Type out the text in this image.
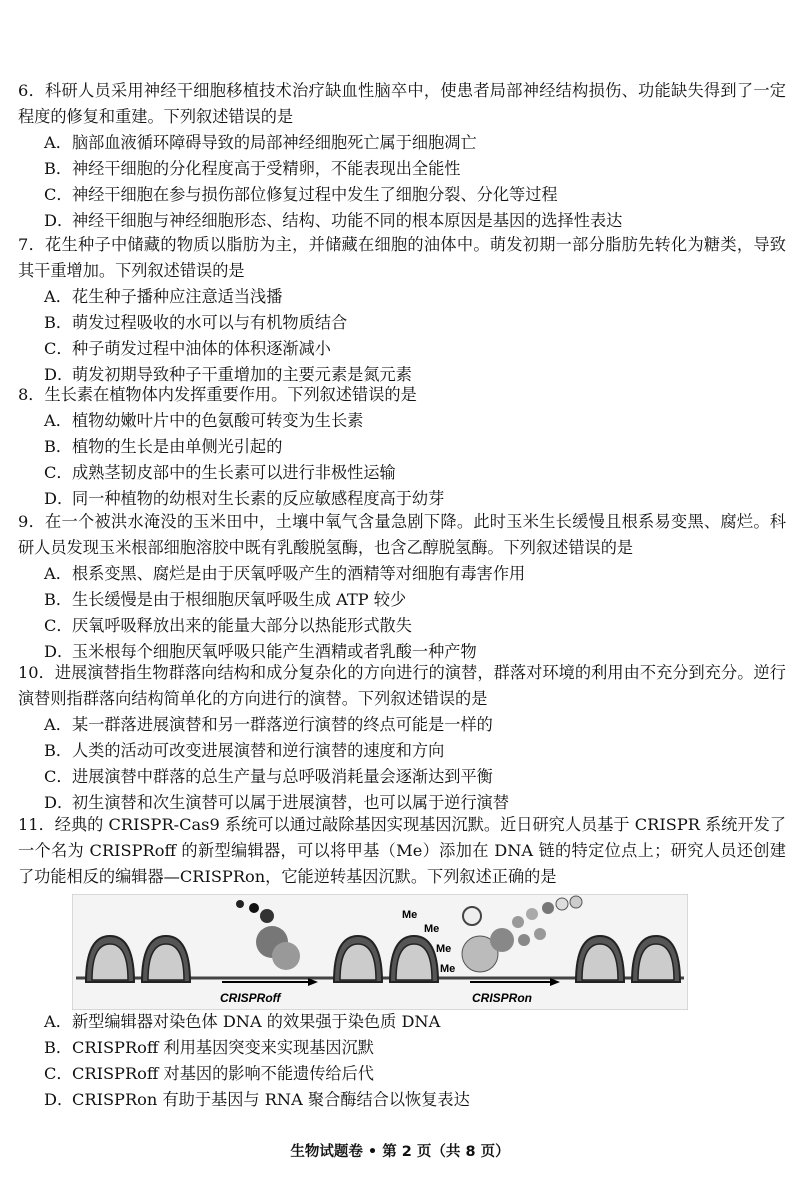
6．科研人员采用神经干细胞移植技术治疗缺血性脑卒中，使患者局部神经结构损伤、功能缺失得到了一定程度的修复和重建。下列叙述错误的是

A．脑部血液循环障碍导致的局部神经细胞死亡属于细胞凋亡

B．神经干细胞的分化程度高于受精卵，不能表现出全能性

C．神经干细胞在参与损伤部位修复过程中发生了细胞分裂、分化等过程

D．神经干细胞与神经细胞形态、结构、功能不同的根本原因是基因的选择性表达

7．花生种子中储藏的物质以脂肪为主，并储藏在细胞的油体中。萌发初期一部分脂肪先转化为糖类，导致其干重增加。下列叙述错误的是

A．花生种子播种应注意适当浅播

B．萌发过程吸收的水可以与有机物质结合

C．种子萌发过程中油体的体积逐渐减小

D．萌发初期导致种子干重增加的主要元素是氮元素

8．生长素在植物体内发挥重要作用。下列叙述错误的是

A．植物幼嫩叶片中的色氨酸可转变为生长素

B．植物的生长是由单侧光引起的

C．成熟茎韧皮部中的生长素可以进行非极性运输

D．同一种植物的幼根对生长素的反应敏感程度高于幼芽

9．在一个被洪水淹没的玉米田中，土壤中氧气含量急剧下降。此时玉米生长缓慢且根系易变黑、腐烂。科研人员发现玉米根部细胞溶胶中既有乳酸脱氢酶，也含乙醇脱氢酶。下列叙述错误的是

A．根系变黑、腐烂是由于厌氧呼吸产生的酒精等对细胞有毒害作用

B．生长缓慢是由于根细胞厌氧呼吸生成 ATP 较少

C．厌氧呼吸释放出来的能量大部分以热能形式散失

D．玉米根每个细胞厌氧呼吸只能产生酒精或者乳酸一种产物

10．进展演替指生物群落向结构和成分复杂化的方向进行的演替，群落对环境的利用由不充分到充分。逆行演替则指群落向结构简单化的方向进行的演替。下列叙述错误的是

A．某一群落进展演替和另一群落逆行演替的终点可能是一样的

B．人类的活动可改变进展演替和逆行演替的速度和方向

C．进展演替中群落的总生产量与总呼吸消耗量会逐渐达到平衡

D．初生演替和次生演替可以属于进展演替，也可以属于逆行演替

11．经典的 CRISPR-Cas9 系统可以通过敲除基因实现基因沉默。近日研究人员基于 CRISPR 系统开发了一个名为 CRISPRoff 的新型编辑器，可以将甲基（Me）添加在 DNA 链的特定位点上；研究人员还创建了功能相反的编辑器—CRISPRon，它能逆转基因沉默。下列叙述正确的是

CRISPRoff
Me
Me
Me
Me
CRISPRon

A．新型编辑器对染色体 DNA 的效果强于染色质 DNA

B．CRISPRoff 利用基因突变来实现基因沉默

C．CRISPRoff 对基因的影响不能遗传给后代

D．CRISPRon 有助于基因与 RNA 聚合酶结合以恢复表达

生物试题卷 • 第 2 页（共 8 页）
